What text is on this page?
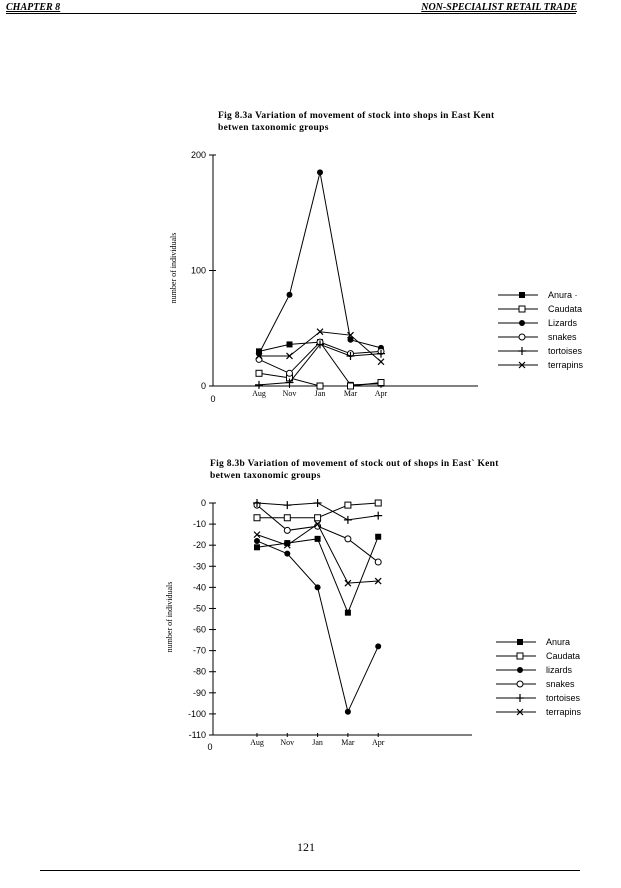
CHAPTER 8	NON-SPECIALIST RETAIL TRADE
Fig 8.3a Variation of movement of stock into shops in East Kent
betwen taxonomic groups
Fig 8.3b Variation of movement of stock out of shops in East` Kent
betwen taxonomic groups
0
100
200
Aug Nov Jan Mar Apr
0
number of individuals	Anura ·
Caudata
Lizards
snakes
tortoises
terrapins
0
-10
-20
-30
-40
-50
-60
-70
-80
-90
-100
-110
Aug Nov Jan Mar Apr
0
number of individuals	Anura
Caudata
lizards
snakes
tortoises
terrapins
121
